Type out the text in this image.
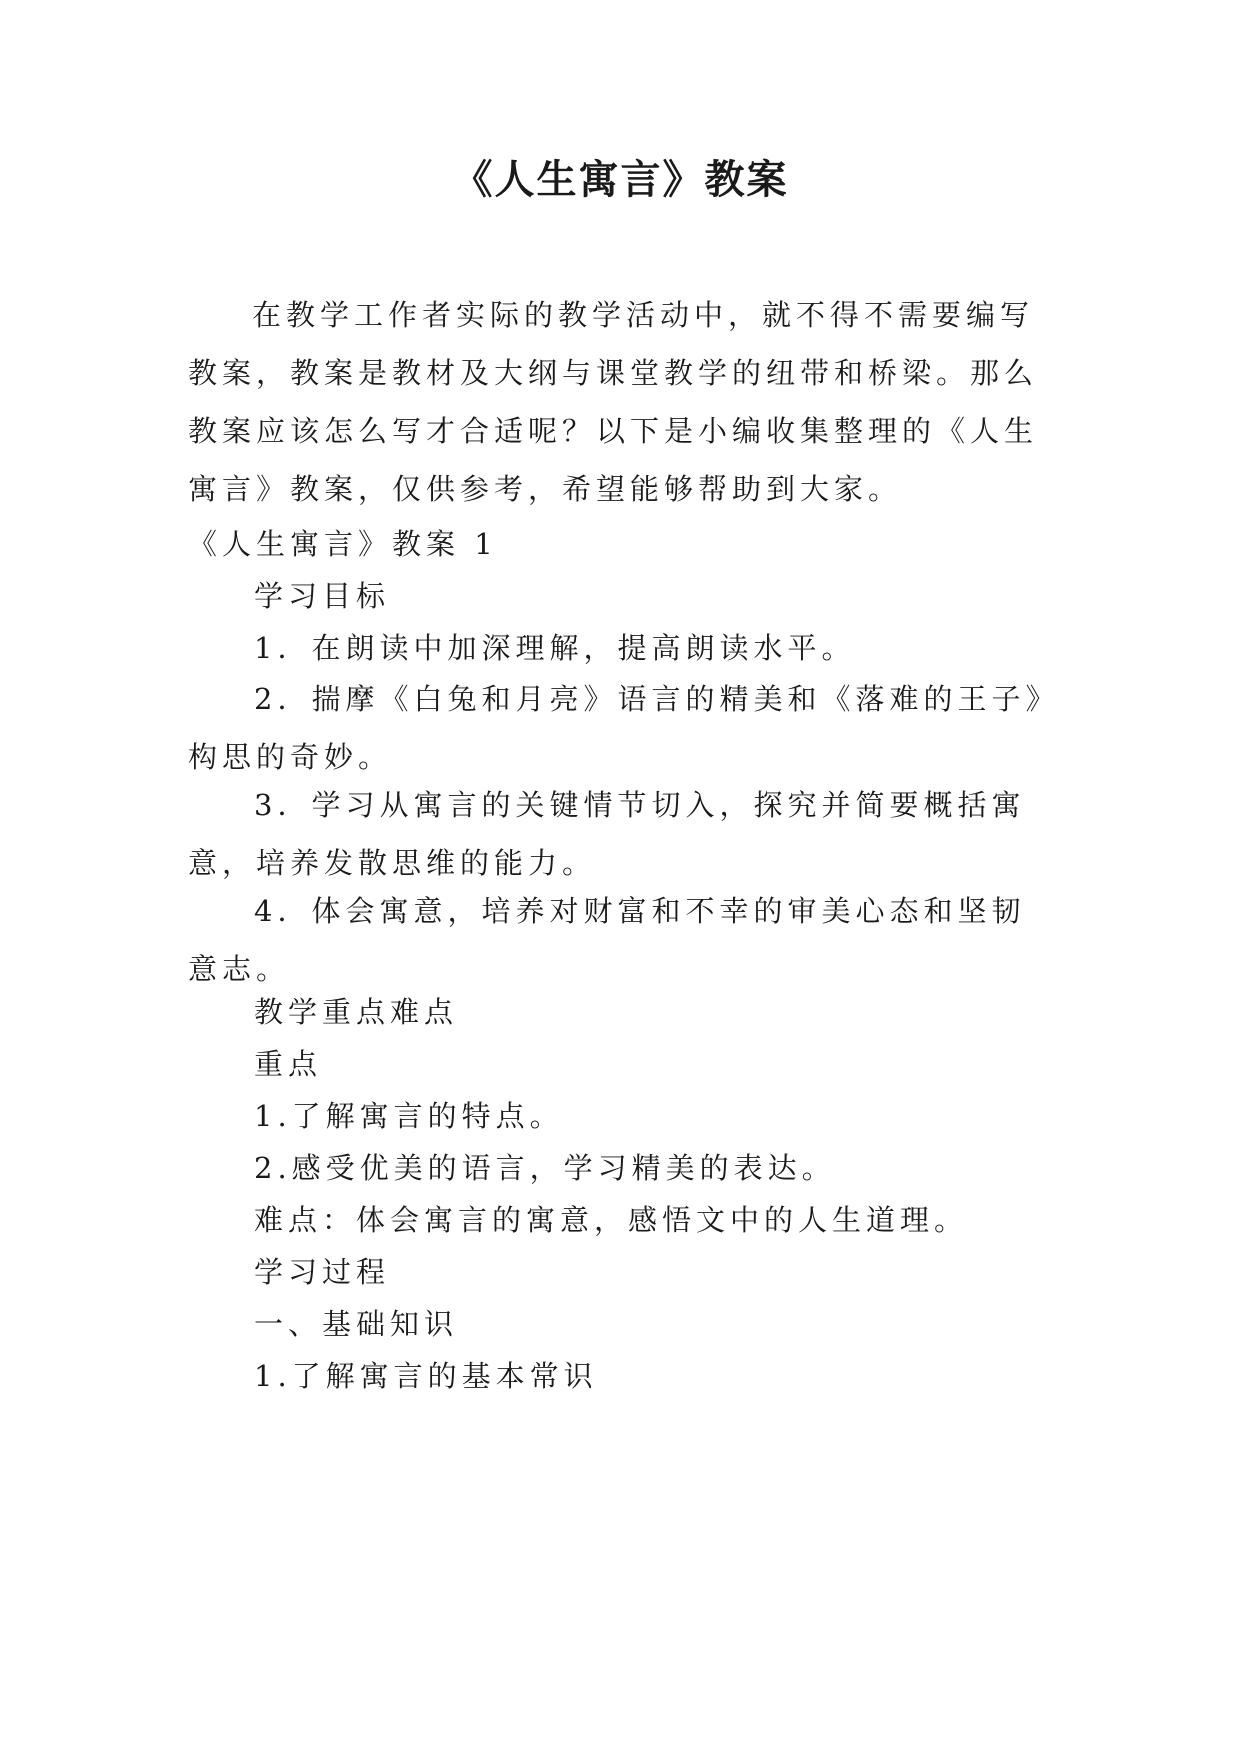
《人生寓言》教案

在教学工作者实际的教学活动中，就不得不需要编写教案，教案是教材及大纲与课堂教学的纽带和桥梁。那么教案应该怎么写才合适呢？以下是小编收集整理的《人生寓言》教案，仅供参考，希望能够帮助到大家。

《人生寓言》教案 1

学习目标

1．在朗读中加深理解，提高朗读水平。

2．揣摩《白兔和月亮》语言的精美和《落难的王子》构思的奇妙。

3．学习从寓言的关键情节切入，探究并简要概括寓意，培养发散思维的能力。

4．体会寓意，培养对财富和不幸的审美心态和坚韧意志。

教学重点难点

重点

1.了解寓言的特点。

2.感受优美的语言，学习精美的表达。

难点：体会寓言的寓意，感悟文中的人生道理。

学习过程

一、基础知识

1.了解寓言的基本常识
